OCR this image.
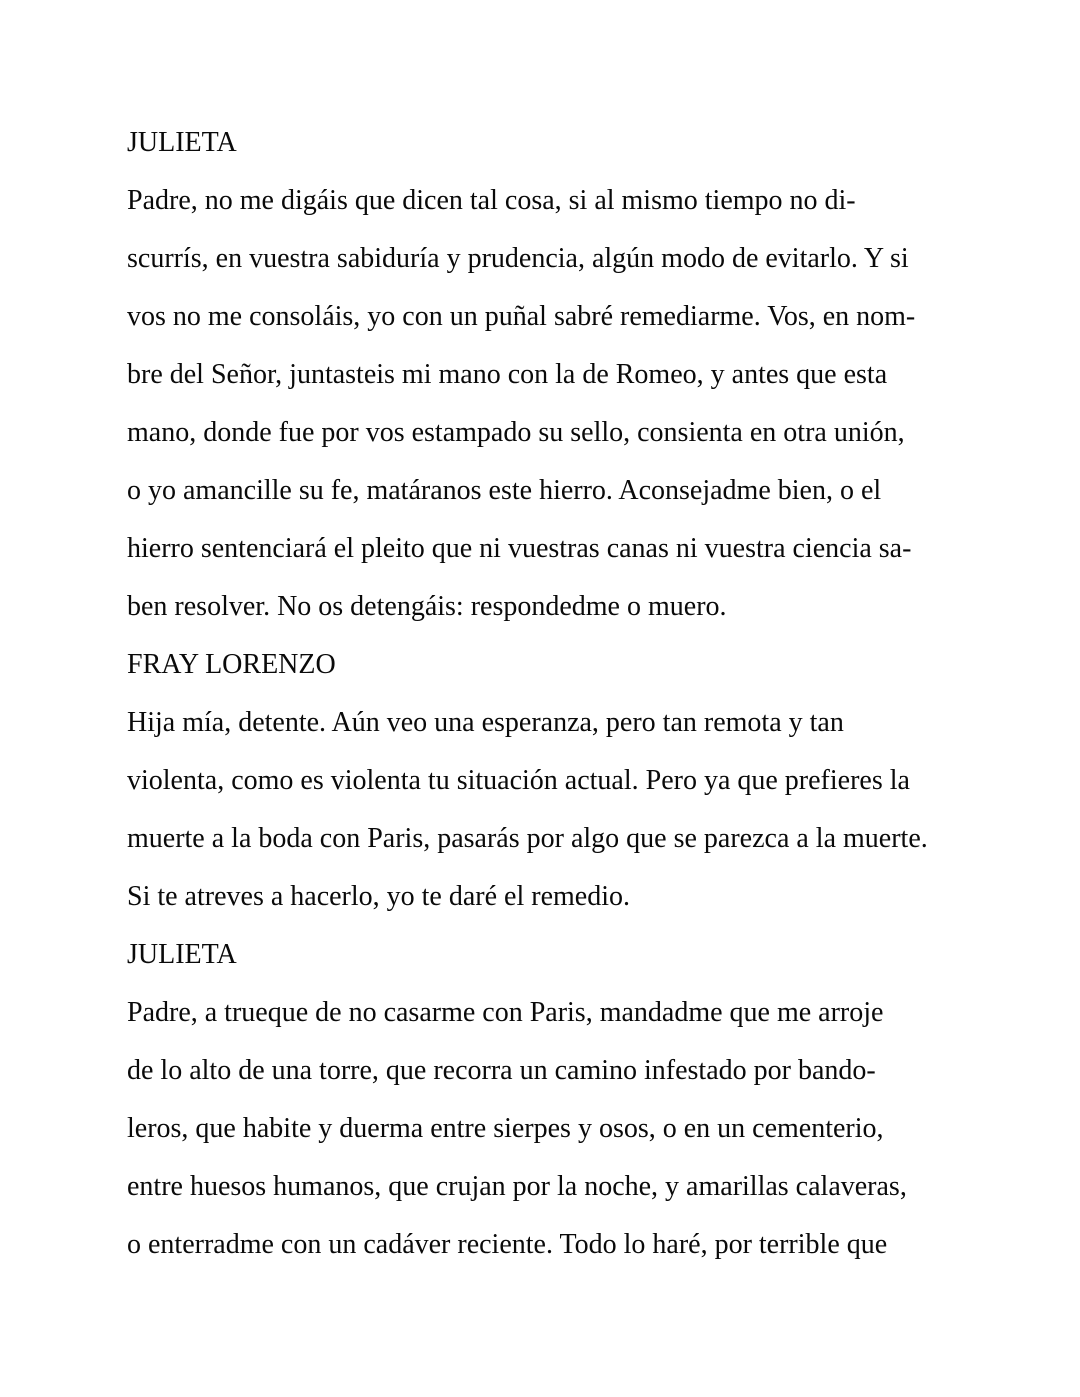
JULIETA
Padre, no me digáis que dicen tal cosa, si al mismo tiempo no di-
scurrís, en vuestra sabiduría y prudencia, algún modo de evitarlo. Y si
vos no me consoláis, yo con un puñal sabré remediarme. Vos, en nom-
bre del Señor, juntasteis mi mano con la de Romeo, y antes que esta
mano, donde fue por vos estampado su sello, consienta en otra unión,
o yo amancille su fe, matáranos este hierro. Aconsejadme bien, o el
hierro sentenciará el pleito que ni vuestras canas ni vuestra ciencia sa-
ben resolver. No os detengáis: respondedme o muero.
FRAY LORENZO
Hija mía, detente. Aún veo una esperanza, pero tan remota y tan
violenta, como es violenta tu situación actual. Pero ya que prefieres la
muerte a la boda con Paris, pasarás por algo que se parezca a la muerte.
Si te atreves a hacerlo, yo te daré el remedio.
JULIETA
Padre, a trueque de no casarme con Paris, mandadme que me arroje
de lo alto de una torre, que recorra un camino infestado por bando-
leros, que habite y duerma entre sierpes y osos, o en un cementerio,
entre huesos humanos, que crujan por la noche, y amarillas calaveras,
o enterradme con un cadáver reciente. Todo lo haré, por terrible que
